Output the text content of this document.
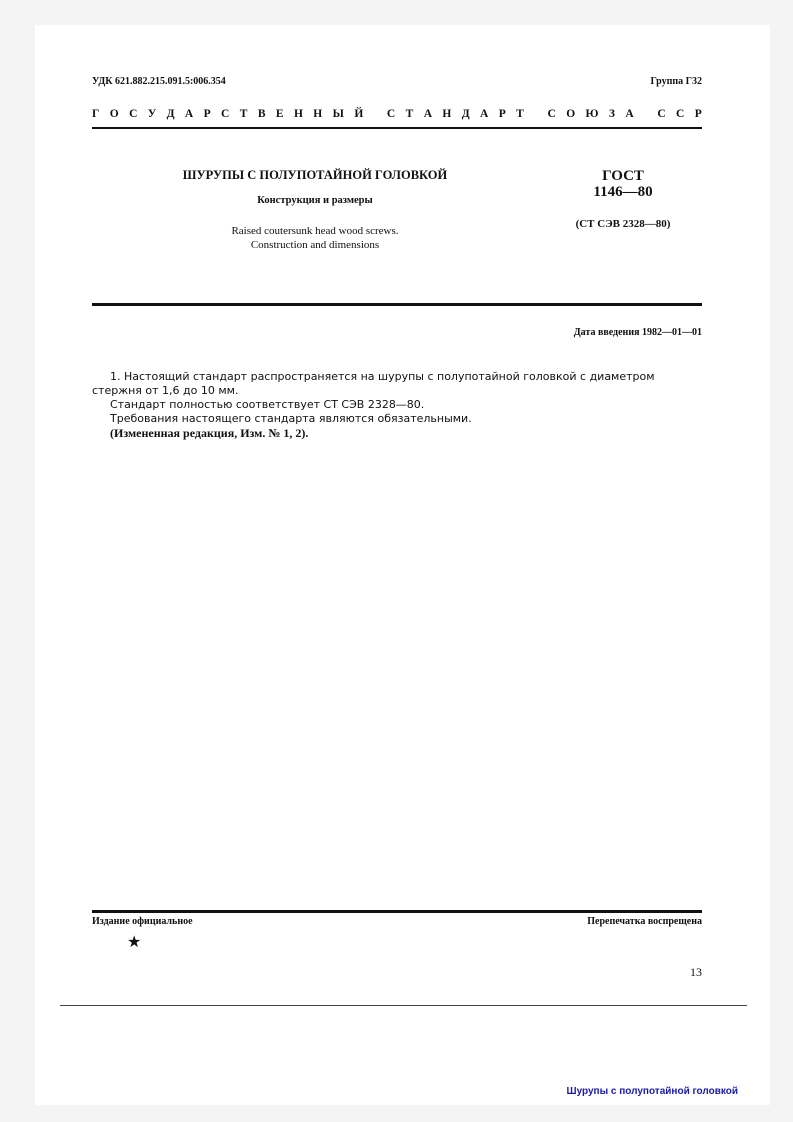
УДК 621.882.215.091.5:006.354	Группа Г32
Г О С У Д А Р С Т В Е Н Н Ы Й
С Т А Н Д А Р Т
С О Ю З А
С С Р
ШУРУПЫ С ПОЛУПОТАЙНОЙ ГОЛОВКОЙ
Конструкция и размеры
Raised coutersunk head wood screws.
Construction and dimensions
ГОСТ
1146—80
(СТ СЭВ 2328—80)
Дата введения 1982—01—01

1. Настоящий стандарт распространяется на шурупы с полупотайной головкой с диаметром стержня от 1,6 до 10 мм.

Стандарт полностью соответствует СТ СЭВ 2328—80.

Требования настоящего стандарта являются обязательными.

(Измененная редакция, Изм. № 1, 2).

Издание официальное	Перепечатка воспрещена
★
13
Шурупы с полупотайной головкой
